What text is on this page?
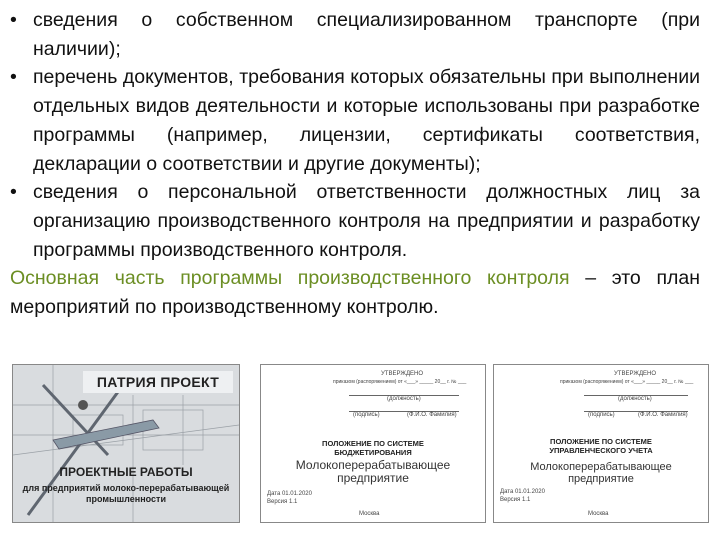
• сведения о собственном специализированном транспорте (при наличии);
• перечень документов, требования которых обязательны при выполнении отдельных видов деятельности и которые использованы при разработке программы (например, лицензии, сертификаты соответствия, декларации о соответствии и другие документы);
• сведения о персональной ответственности должностных лиц за организацию производственного контроля на предприятии и разработку программы производственного контроля.
Основная часть программы производственного контроля – это план мероприятий по производственному контролю.
ПАТРИЯ ПРОЕКТ
ПРОЕКТНЫЕ РАБОТЫ
для предприятий молоко-перерабатывающей
промышленности
УТВЕРЖДЕНО
приказом (распоряжением) от «___» _____ 20__ г. № ___
(должность)
(подпись)	(Ф.И.О. Фамилия)
ПОЛОЖЕНИЕ ПО СИСТЕМЕ
БЮДЖЕТИРОВАНИЯ
Молокоперерабатывающее
предприятие
Дата 01.01.2020
Версия 1.1
Москва
УТВЕРЖДЕНО
приказом (распоряжением) от «___» _____ 20__ г. № ___
(должность)
(подпись)	(Ф.И.О. Фамилия)
ПОЛОЖЕНИЕ ПО СИСТЕМЕ
УПРАВЛЕНЧЕСКОГО УЧЕТА
Молокоперерабатывающее
предприятие
Дата 01.01.2020
Версия 1.1
Москва
